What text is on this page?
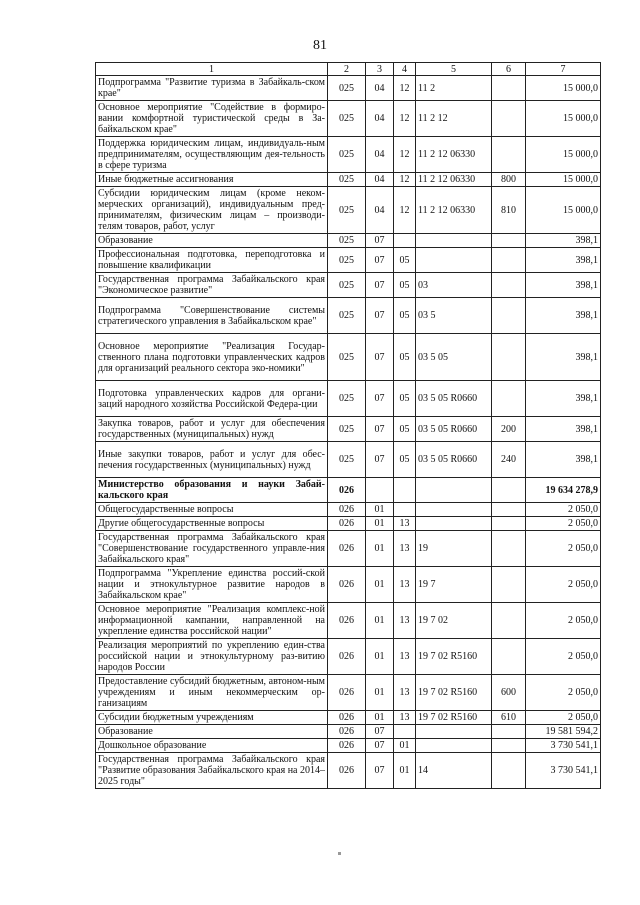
81
1	2	3	4	5	6	7
Подпрограмма "Развитие туризма в Забайкаль-ском крае"	025	04	12	11 2		15 000,0
Основное мероприятие "Содействие в формиро-вании комфортной туристической среды в За-байкальском крае"	025	04	12	11 2 12		15 000,0
Поддержка юридическим лицам, индивидуаль-ным предпринимателям, осуществляющим дея-тельность в сфере туризма	025	04	12	11 2 12 06330		15 000,0
Иные бюджетные ассигнования	025	04	12	11 2 12 06330	800	15 000,0
Субсидии юридическим лицам (кроме неком-мерческих организаций), индивидуальным пред-принимателям, физическим лицам – производи-телям товаров, работ, услуг	025	04	12	11 2 12 06330	810	15 000,0
Образование	025	07				398,1
Профессиональная подготовка, переподготовка и повышение квалификации	025	07	05			398,1
Государственная программа Забайкальского края "Экономическое развитие"	025	07	05	03		398,1
Подпрограмма "Совершенствование системы стратегического управления в Забайкальском крае"	025	07	05	03 5		398,1
Основное мероприятие "Реализация Государ-ственного плана подготовки управленческих кадров для организаций реального сектора эко-номики"	025	07	05	03 5 05		398,1
Подготовка управленческих кадров для органи-заций народного хозяйства Российской Федера-ции	025	07	05	03 5 05 R0660		398,1
Закупка товаров, работ и услуг для обеспечения государственных (муниципальных) нужд	025	07	05	03 5 05 R0660	200	398,1
Иные закупки товаров, работ и услуг для обес-печения государственных (муниципальных) нужд	025	07	05	03 5 05 R0660	240	398,1
Министерство образования и науки Забай-кальского края	026					19 634 278,9
Общегосударственные вопросы	026	01				2 050,0
Другие общегосударственные вопросы	026	01	13			2 050,0
Государственная программа Забайкальского края "Совершенствование государственного управле-ния Забайкальского края"	026	01	13	19		2 050,0
Подпрограмма "Укрепление единства россий-ской нации и этнокультурное развитие народов в Забайкальском крае"	026	01	13	19 7		2 050,0
Основное мероприятие "Реализация комплекс-ной информационной кампании, направленной на укрепление единства российской нации"	026	01	13	19 7 02		2 050,0
Реализация мероприятий по укреплению един-ства российской нации и этнокультурному раз-витию народов России	026	01	13	19 7 02 R5160		2 050,0
Предоставление субсидий бюджетным, автоном-ным учреждениям и иным некоммерческим ор-ганизациям	026	01	13	19 7 02 R5160	600	2 050,0
Субсидии бюджетным учреждениям	026	01	13	19 7 02 R5160	610	2 050,0
Образование	026	07				19 581 594,2
Дошкольное образование	026	07	01			3 730 541,1
Государственная программа Забайкальского края "Развитие образования Забайкальского края на 2014–2025 годы"	026	07	01	14		3 730 541,1
